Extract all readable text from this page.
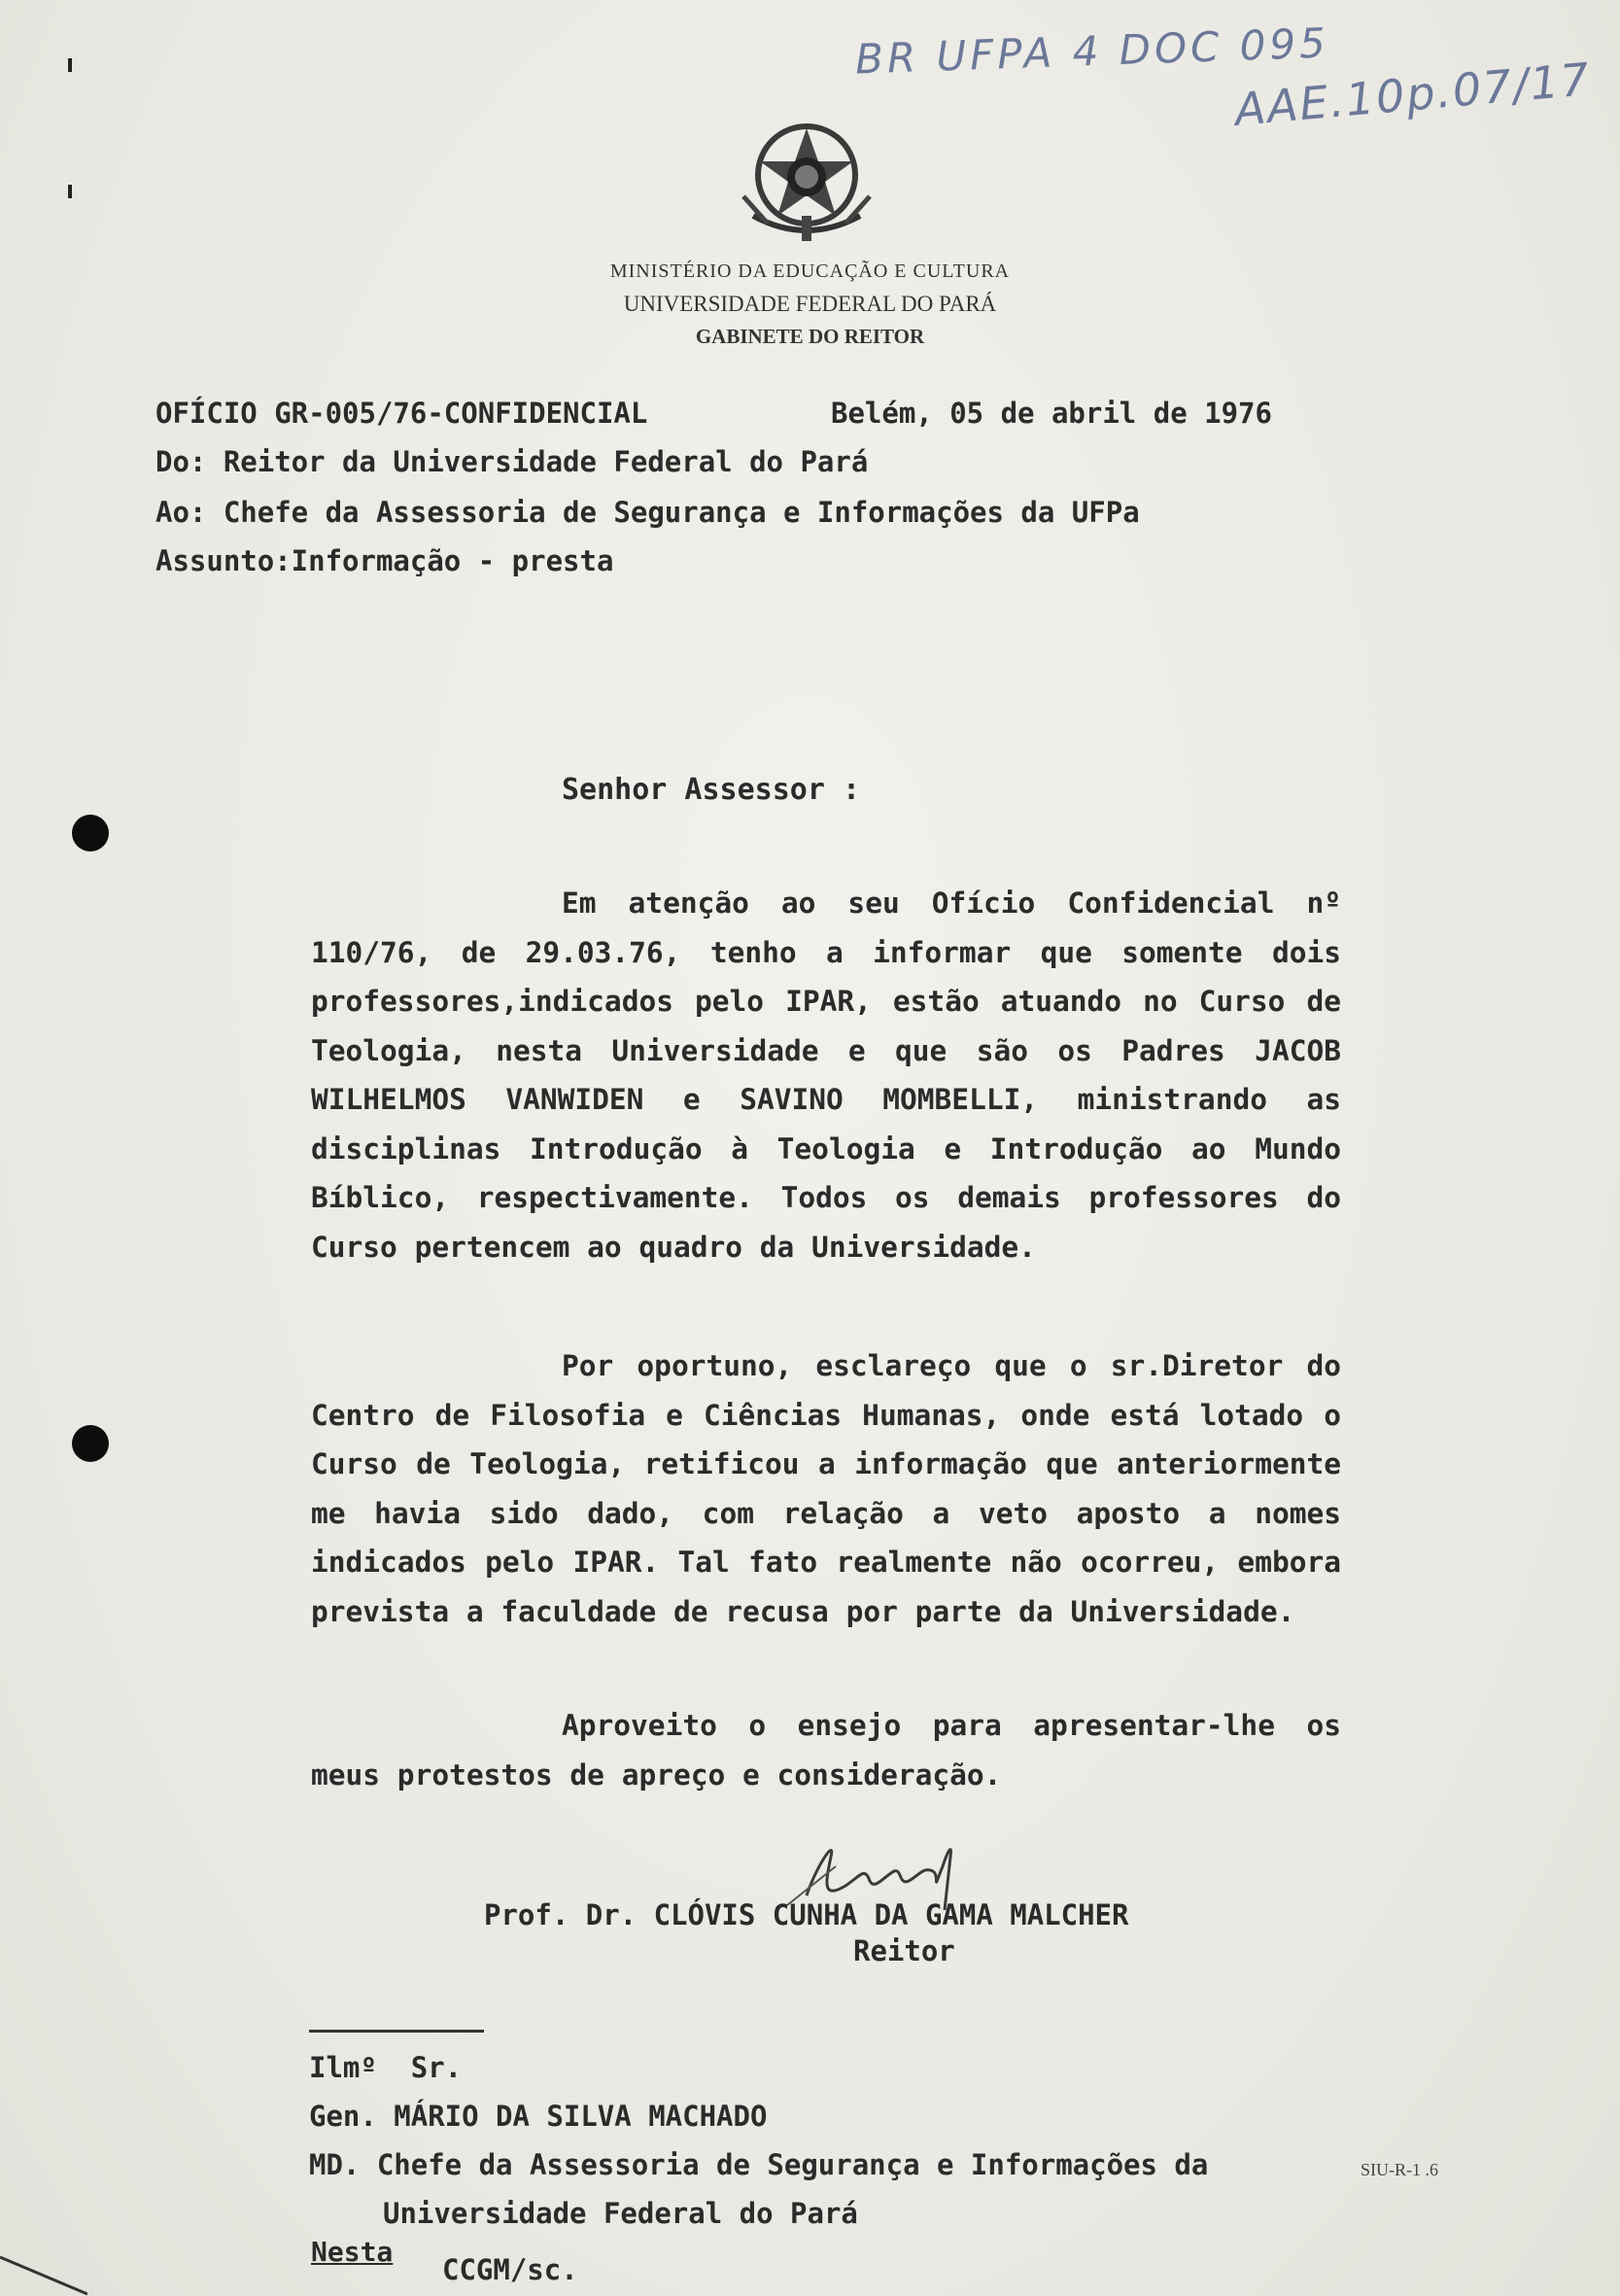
BR UFPA 4 DOC 095
AAE.10p.07/17
MINISTÉRIO DA EDUCAÇÃO E CULTURA
UNIVERSIDADE FEDERAL DO PARÁ
GABINETE DO REITOR
OFÍCIO GR-005/76-CONFIDENCIAL	Belém, 05 de abril de 1976
Do: Reitor da Universidade Federal do Pará
Ao: Chefe da Assessoria de Segurança e Informações da UFPa
Assunto:Informação - presta
Senhor Assessor :

Em atenção ao seu Ofício Confidencial nº 110/76, de 29.03.76, tenho a informar que somente dois professores,indicados pelo IPAR, estão atuando no Curso de Teologia, nesta Universidade e que são os Padres JACOB WILHELMOS VANWIDEN e SAVINO MOMBELLI, ministrando as disciplinas Introdução à Teologia e Introdução ao Mundo Bíblico, respectivamente. Todos os demais professores do Curso pertencem ao quadro da Universidade.

Por oportuno, esclareço que o sr.Diretor do Centro de Filosofia e Ciências Humanas, onde está lotado o Curso de Teologia, retificou a informação que anteriormente me havia sido dado, com relação a veto aposto a nomes indicados pelo IPAR. Tal fato realmente não ocorreu, embora prevista a faculdade de recusa por parte da Universidade.

Aproveito o ensejo para apresentar-lhe os meus protestos de apreço e consideração.

Prof. Dr. CLÓVIS CUNHA DA GAMA MALCHER
Reitor
Ilmº  Sr.
Gen. MÁRIO DA SILVA MACHADO
MD. Chefe da Assessoria de Segurança e Informações da
Universidade Federal do Pará
SIU-R-1 .6
Nesta
CCGM/sc.
